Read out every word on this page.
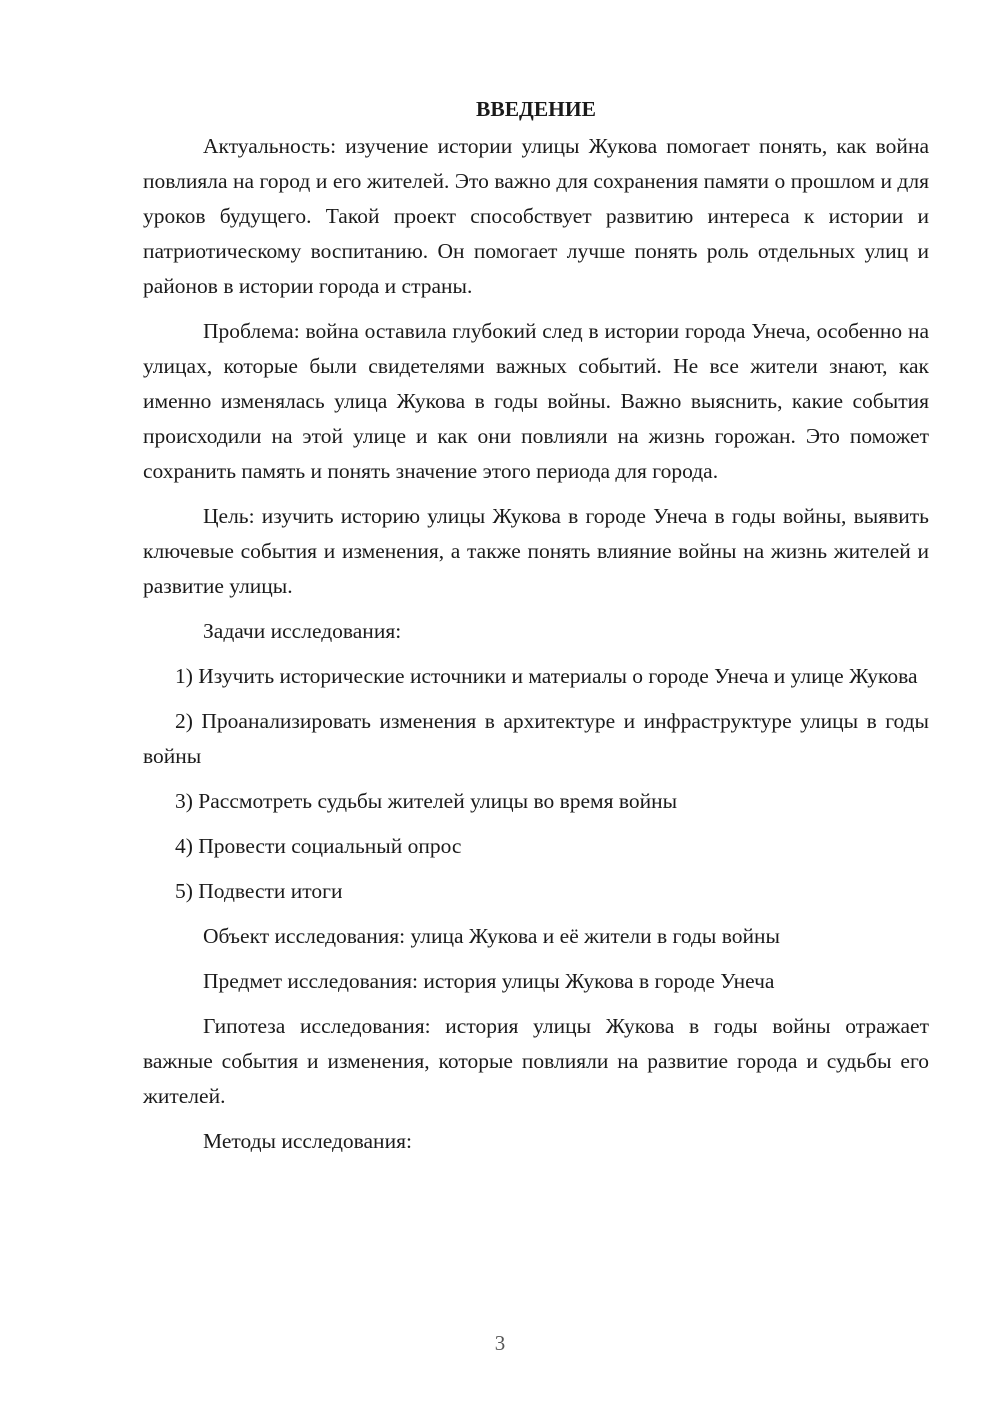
ВВЕДЕНИЕ

Актуальность: изучение истории улицы Жукова помогает понять, как война повлияла на город и его жителей. Это важно для сохранения памяти о прошлом и для уроков будущего. Такой проект способствует развитию интереса к истории и патриотическому воспитанию. Он помогает лучше понять роль отдельных улиц и районов в истории города и страны.

Проблема: война оставила глубокий след в истории города Унеча, особенно на улицах, которые были свидетелями важных событий. Не все жители знают, как именно изменялась улица Жукова в годы войны. Важно выяснить, какие события происходили на этой улице и как они повлияли на жизнь горожан. Это поможет сохранить память и понять значение этого периода для города.

Цель: изучить историю улицы Жукова в городе Унеча в годы войны, выявить ключевые события и изменения, а также понять влияние войны на жизнь жителей и развитие улицы.

Задачи исследования:

1) Изучить исторические источники и материалы о городе Унеча и улице Жукова

2) Проанализировать изменения в архитектуре и инфраструктуре улицы в годы войны

3) Рассмотреть судьбы жителей улицы во время войны

4) Провести социальный опрос

5) Подвести итоги

Объект исследования: улица Жукова и её жители в годы войны

Предмет исследования: история улицы Жукова в городе Унеча

Гипотеза исследования: история улицы Жукова в годы войны отражает важные события и изменения, которые повлияли на развитие города и судьбы его жителей.

Методы исследования:

3
